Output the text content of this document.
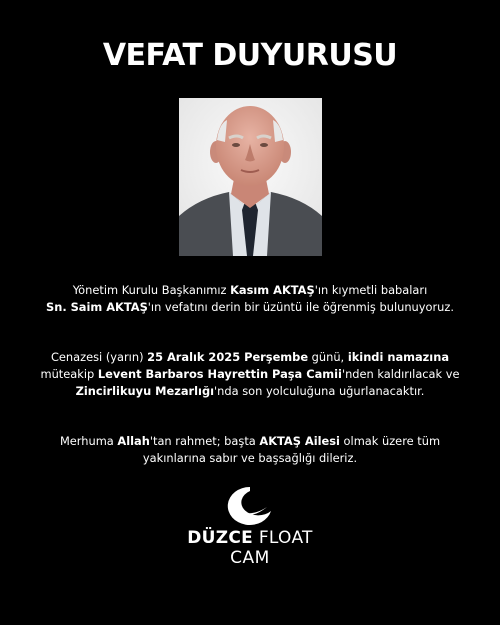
VEFAT DUYURUSU

Yönetim Kurulu Başkanımız Kasım AKTAŞ'ın kıymetli babaları
Sn. Saim AKTAŞ'ın vefatını derin bir üzüntü ile öğrenmiş bulunuyoruz.

Cenazesi (yarın) 25 Aralık 2025 Perşembe günü, ikindi namazına müteakip Levent Barbaros Hayrettin Paşa Camii'nden kaldırılacak ve Zincirlikuyu Mezarlığı'nda son yolculuğuna uğurlanacaktır.

Merhuma Allah'tan rahmet; başta AKTAŞ Ailesi olmak üzere tüm yakınlarına sabır ve başsağlığı dileriz.

DÜZCE FLOAT
CAM
